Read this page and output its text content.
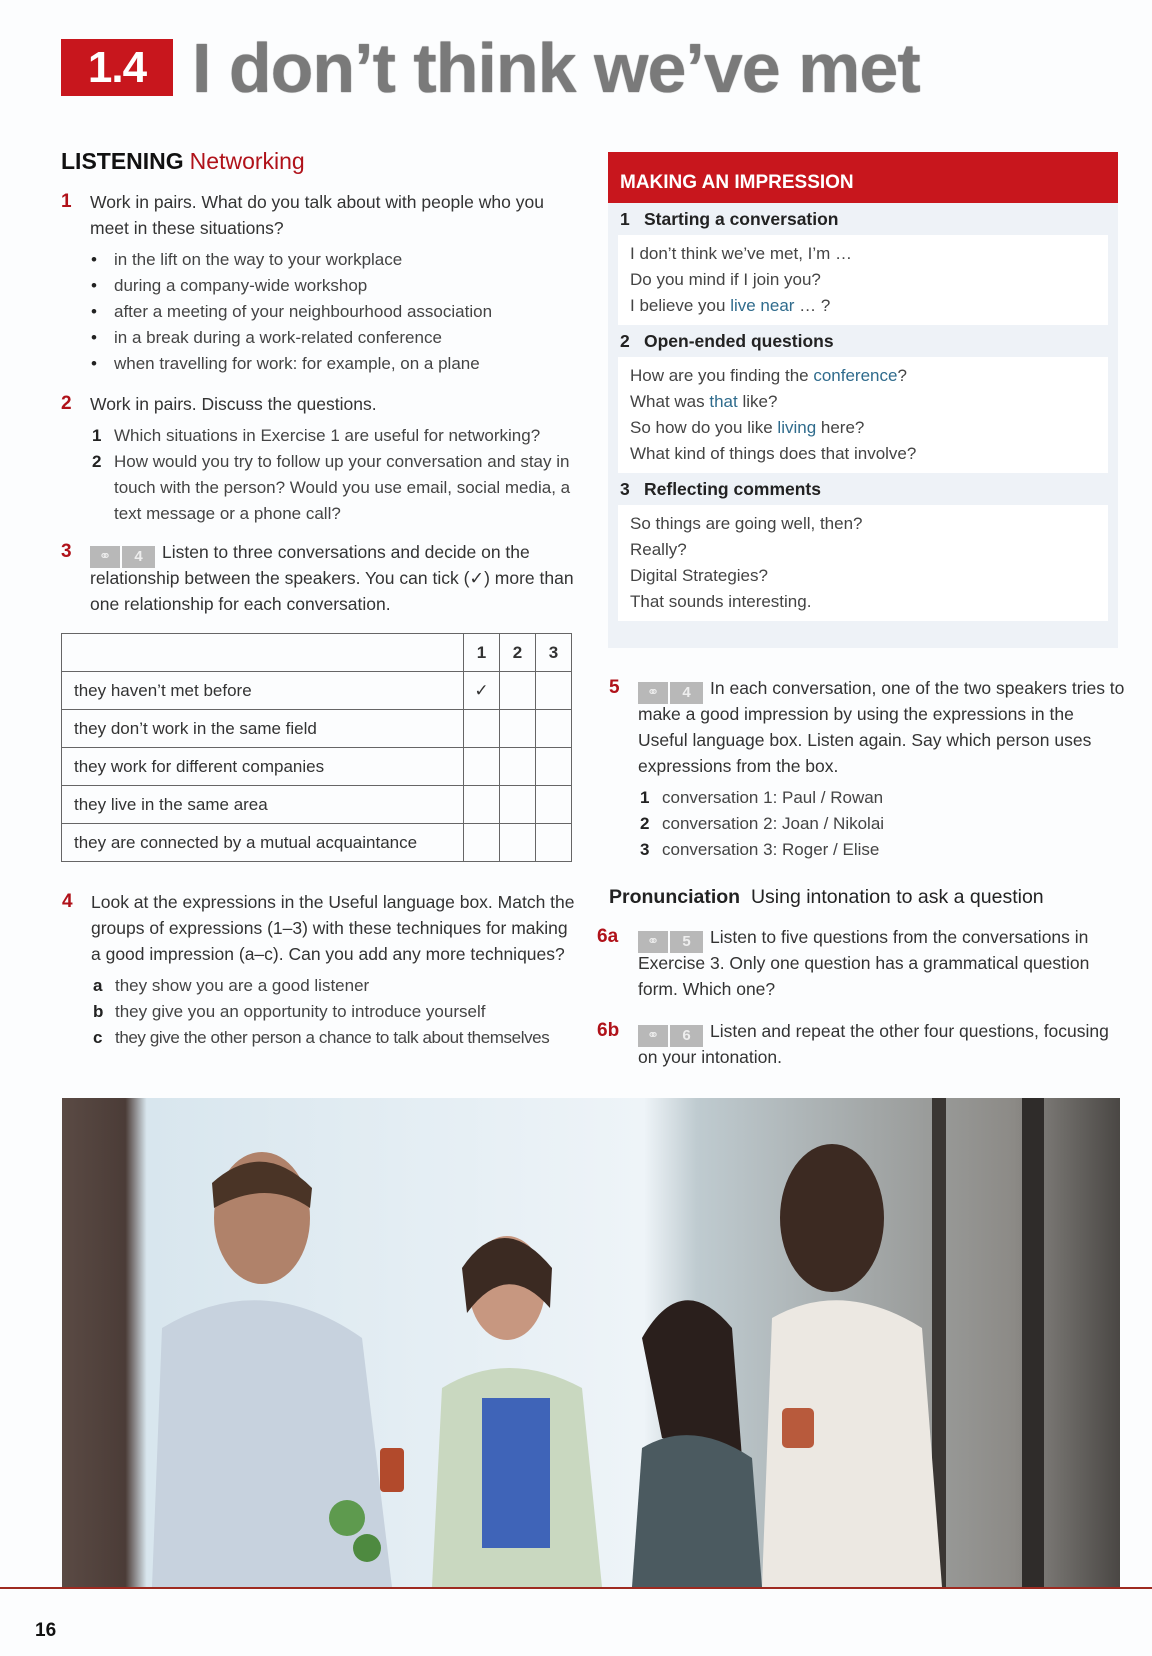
1.4 I don’t think we’ve met
LISTENING Networking
1 Work in pairs. What do you talk about with people who you meet in these situations?
• in the lift on the way to your workplace
• during a company-wide workshop
• after a meeting of your neighbourhood association
• in a break during a work-related conference
• when travelling for work: for example, on a plane
2 Work in pairs. Discuss the questions.
1 Which situations in Exercise 1 are useful for networking?
2 How would you try to follow up your conversation and stay in touch with the person? Would you use email, social media, a text message or a phone call?
3	⚭ 4 Listen to three conversations and decide on the relationship between the speakers. You can tick (✓) more than one relationship for each conversation.
	1	2	3
they haven’t met before	✓		
they don’t work in the same field			
they work for different companies			
they live in the same area			
they are connected by a mutual acquaintance			
4 Look at the expressions in the Useful language box. Match the groups of expressions (1–3) with these techniques for making a good impression (a–c). Can you add any more techniques?
a they show you are a good listener
b they give you an opportunity to introduce yourself
c they give the other person a chance to talk about themselves
MAKING AN IMPRESSION
1 Starting a conversation
I don’t think we’ve met, I’m …
Do you mind if I join you?
I believe you live near … ?
2 Open-ended questions
How are you finding the conference?
What was that like?
So how do you like living here?
What kind of things does that involve?
3 Reflecting comments
So things are going well, then?
Really?
Digital Strategies?
That sounds interesting.
5	⚭ 4 In each conversation, one of the two speakers tries to make a good impression by using the expressions in the Useful language box. Listen again. Say which person uses expressions from the box.
1 conversation 1: Paul / Rowan
2 conversation 2: Joan / Nikolai
3 conversation 3: Roger / Elise
Pronunciation Using intonation to ask a question
6a	⚭ 5 Listen to five questions from the conversations in Exercise 3. Only one question has a grammatical question form. Which one?
6b	⚭ 6 Listen and repeat the other four questions, focusing on your intonation.
16
